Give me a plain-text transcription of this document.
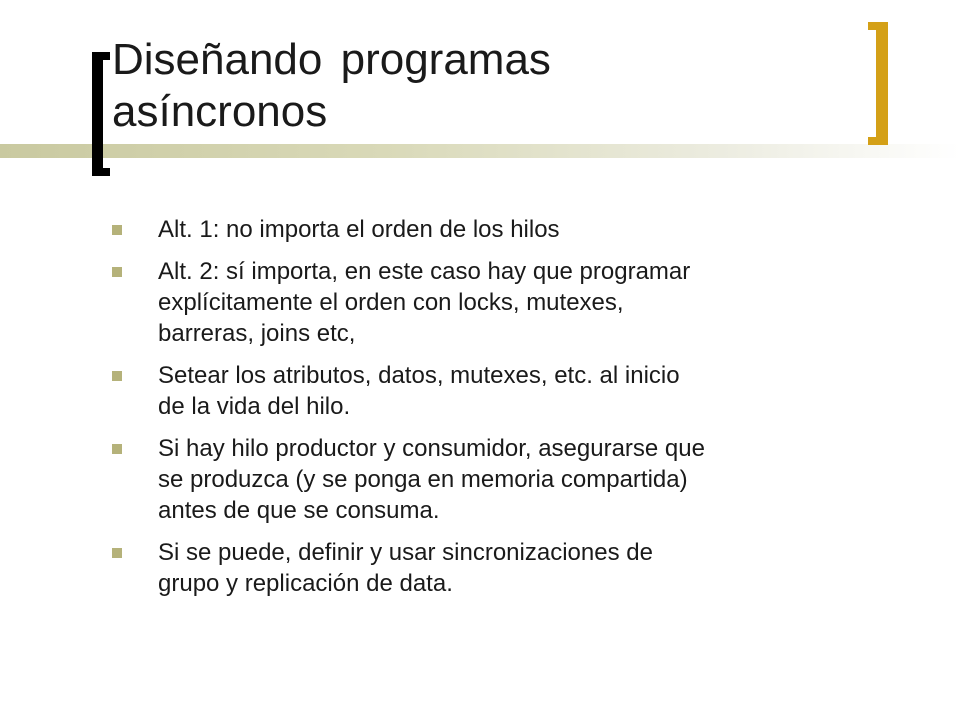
Diseñando programas
asíncronos
Alt. 1: no importa el orden de los hilos
Alt. 2: sí importa, en este caso hay que programar
explícitamente el orden con locks, mutexes,
barreras, joins etc,
Setear los atributos, datos, mutexes, etc. al inicio
de la vida del hilo.
Si hay hilo productor y consumidor, asegurarse que
se produzca (y se ponga en memoria compartida)
antes de que se consuma.
Si se puede, definir y usar sincronizaciones de
grupo y replicación de data.
